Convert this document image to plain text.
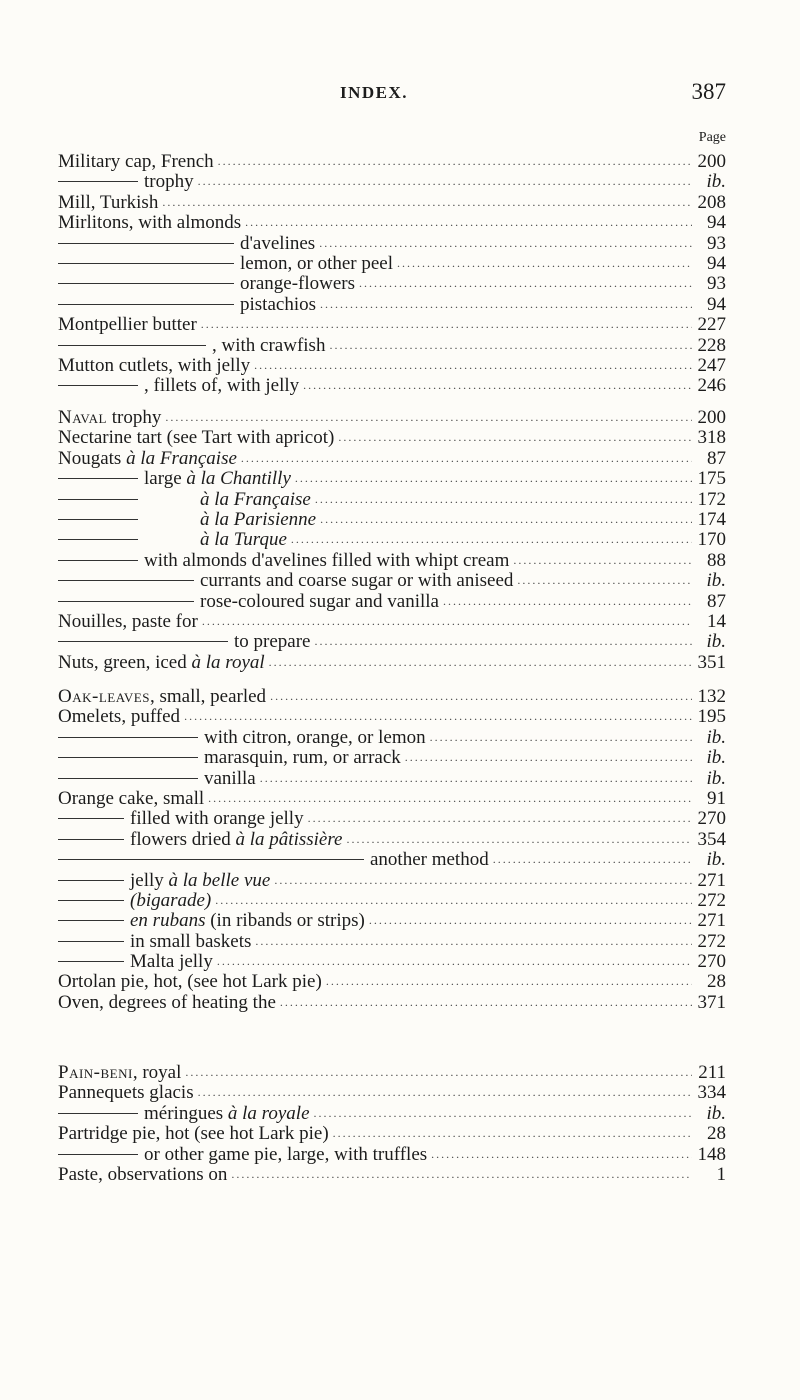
INDEX.	387
Page
Military cap, French .....	200
trophy .....	ib.
Mill, Turkish .....	208
Mirlitons, with almonds .....	94
d'avelines .....	93
lemon, or other peel .....	94
orange-flowers .....	93
pistachios .....	94
Montpellier butter .....	227
, with crawfish .....	228
Mutton cutlets, with jelly .....	247
, fillets of, with jelly .....	246
Naval trophy .....	200
Nectarine tart (see Tart with apricot) .....	318
Nougats à la Française .....	87
large à la Chantilly .....	175
à la Française .....	172
à la Parisienne .....	174
à la Turque .....	170
with almonds d'avelines filled with whipt cream .....	88
currants and coarse sugar or with aniseed .....	ib.
rose-coloured sugar and vanilla .....	87
Nouilles, paste for .....	14
to prepare .....	ib.
Nuts, green, iced à la royal .....	351
Oak-leaves, small, pearled .....	132
Omelets, puffed .....	195
with citron, orange, or lemon .....	ib.
marasquin, rum, or arrack .....	ib.
vanilla .....	ib.
Orange cake, small .....	91
filled with orange jelly .....	270
flowers dried à la pâtissière .....	354
another method .....	ib.
jelly à la belle vue .....	271
(bigarade) .....	272
en rubans (in ribands or strips) .....	271
in small baskets .....	272
Malta jelly .....	270
Ortolan pie, hot, (see hot Lark pie) .....	28
Oven, degrees of heating the .....	371
Pain-beni, royal .....	211
Pannequets glacis .....	334
méringues à la royale .....	ib.
Partridge pie, hot (see hot Lark pie) .....	28
or other game pie, large, with truffles .....	148
Paste, observations on .....	1
